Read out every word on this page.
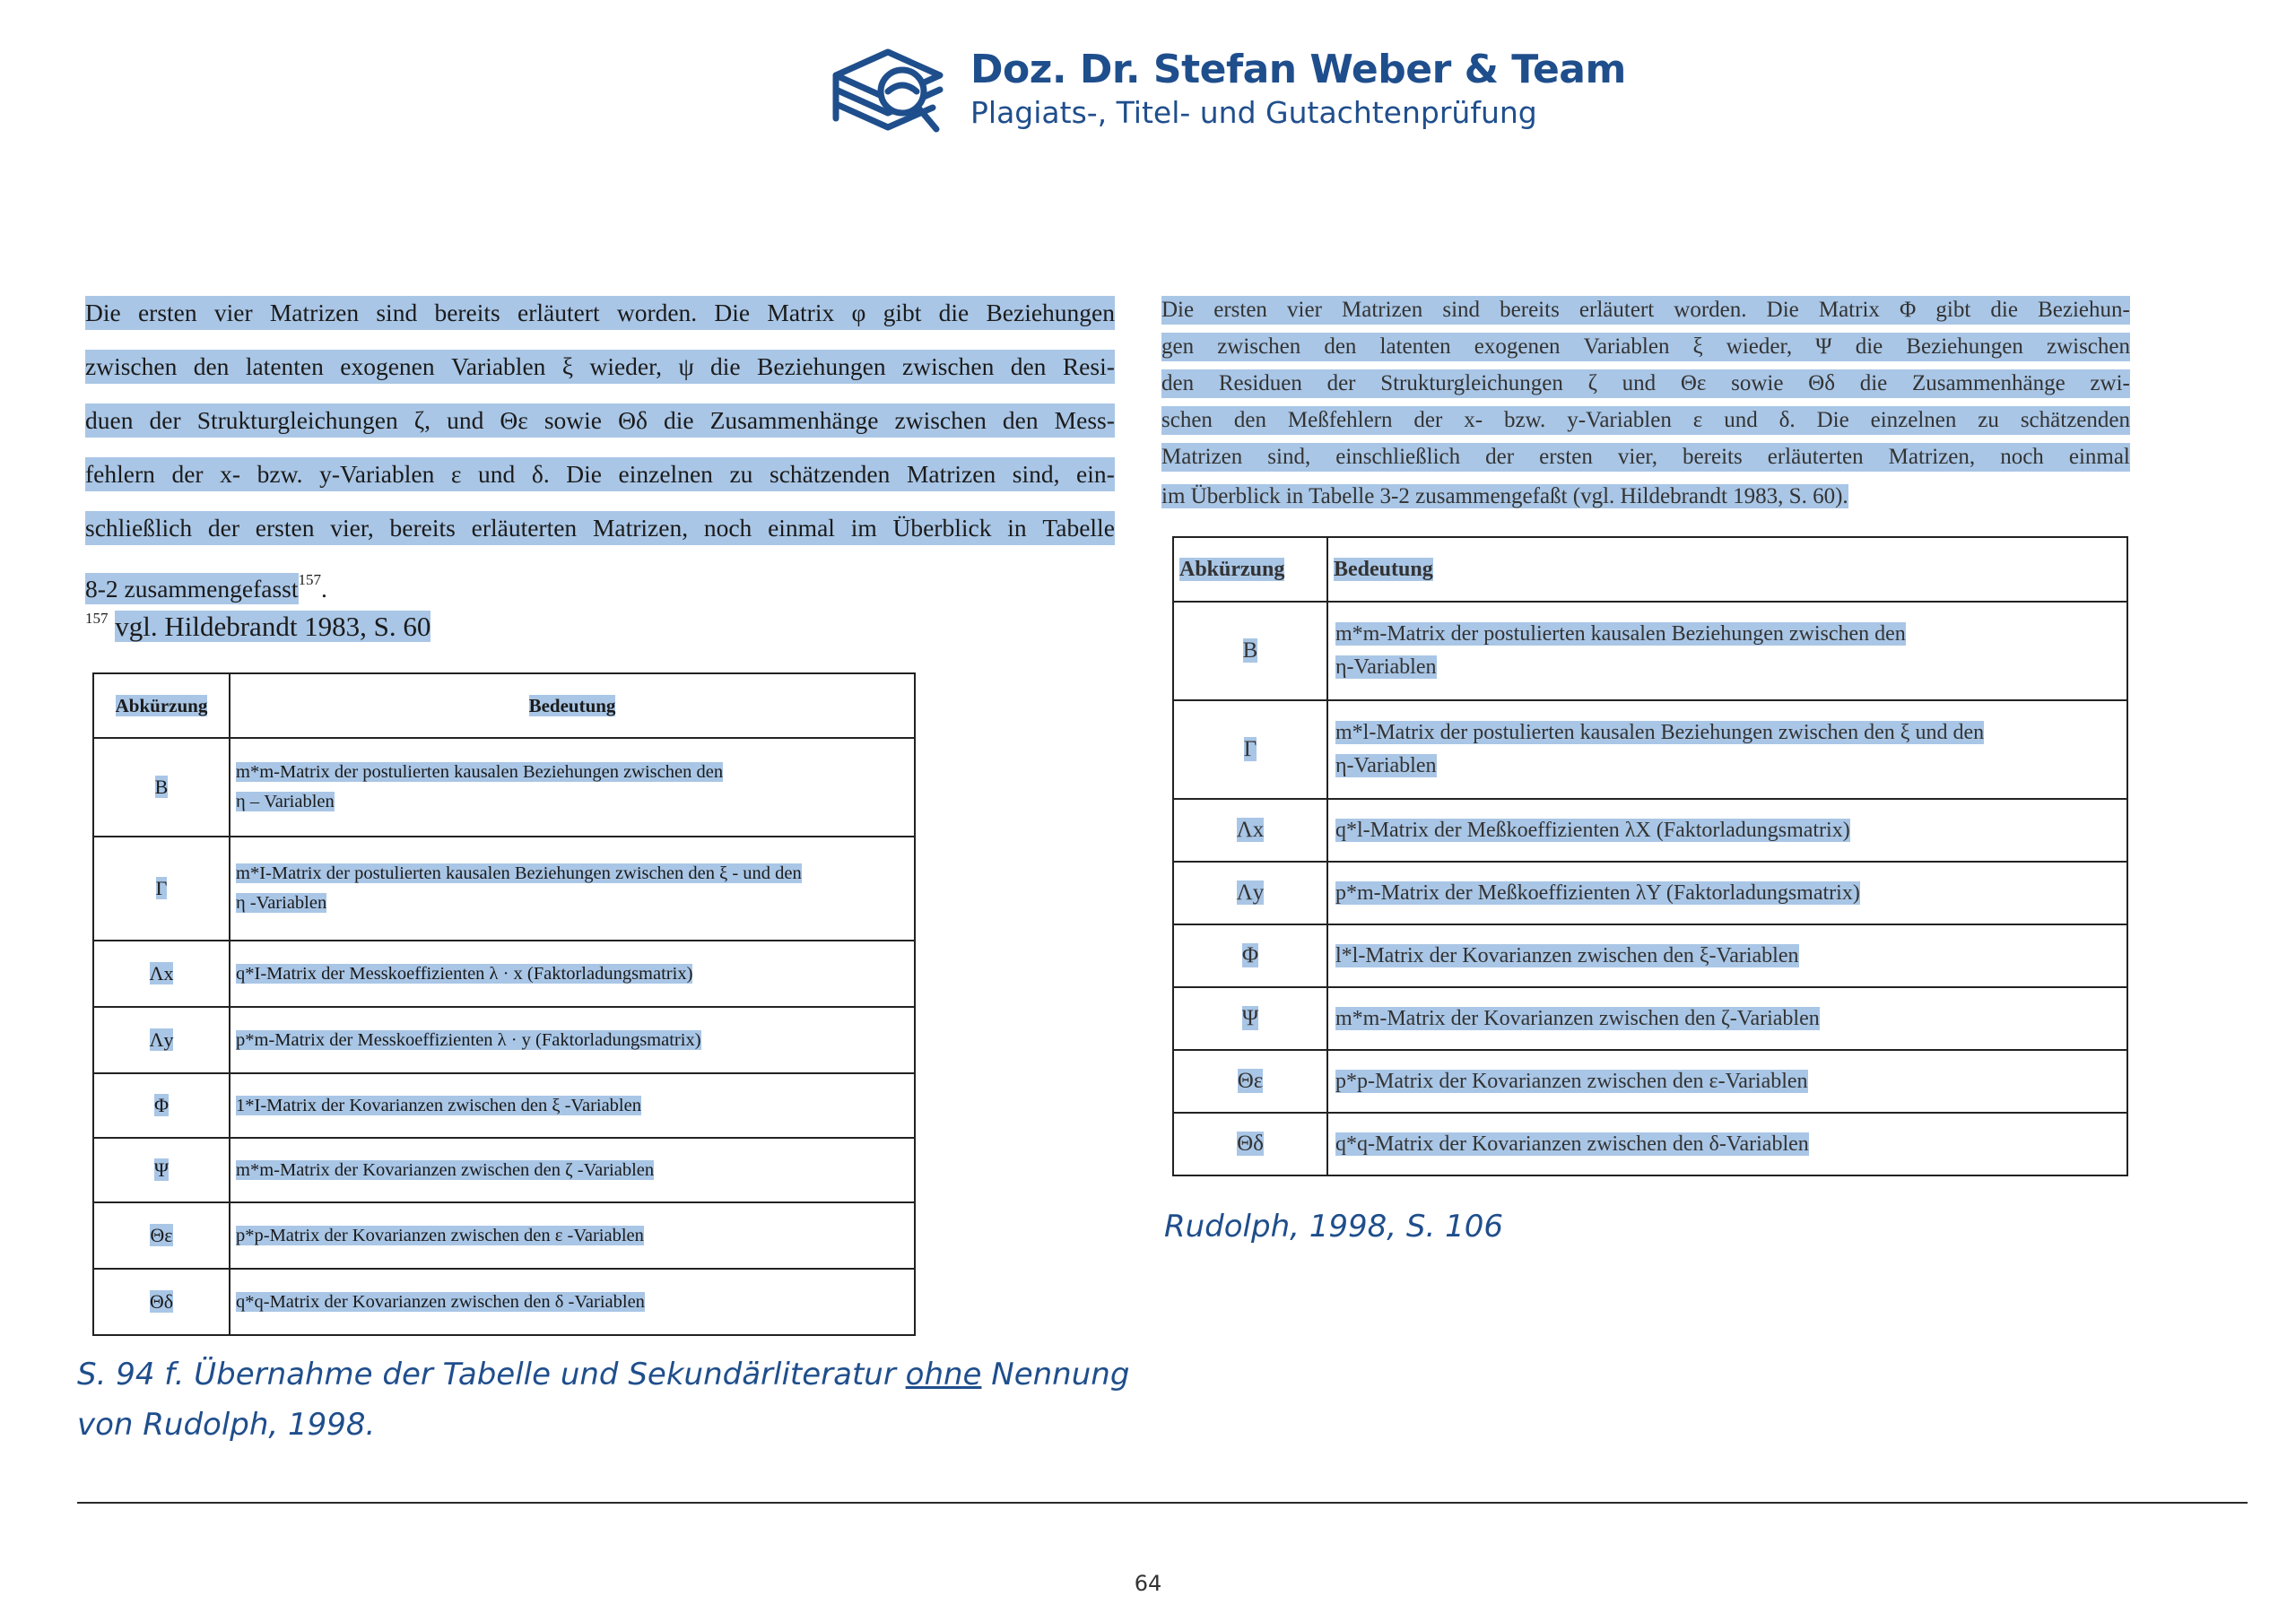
Doz. Dr. Stefan Weber & Team
Plagiats-, Titel- und Gutachtenprüfung
Die ersten vier Matrizen sind bereits erläutert worden. Die Matrix φ gibt die Beziehungen
zwischen den latenten exogenen Variablen ξ wieder, ψ die Beziehungen zwischen den Resi-
duen der Strukturgleichungen ζ, und Θε sowie Θδ die Zusammenhänge zwischen den Mess-
fehlern der x- bzw. y-Variablen ε und δ. Die einzelnen zu schätzenden Matrizen sind, ein-
schließlich der ersten vier, bereits erläuterten Matrizen, noch einmal im Überblick in Tabelle
8-2 zusammengefasst$^{157}$.
$^{157}$ vgl. Hildebrandt 1983, S. 60
Abkürzung	Bedeutung
B	m*m-Matrix der postulierten kausalen Beziehungen zwischen den
η – Variablen

Γ	m*I-Matrix der postulierten kausalen Beziehungen zwischen den ξ - und den
η -Variablen

Λx	q*I-Matrix der Messkoeffizienten λ · x (Faktorladungsmatrix)

Λy	p*m-Matrix der Messkoeffizienten λ · y (Faktorladungsmatrix)

Φ	1*I-Matrix der Kovarianzen zwischen den ξ -Variablen

Ψ	m*m-Matrix der Kovarianzen zwischen den ζ -Variablen

Θε	p*p-Matrix der Kovarianzen zwischen den ε -Variablen

Θδ	q*q-Matrix der Kovarianzen zwischen den δ -Variablen
Die ersten vier Matrizen sind bereits erläutert worden. Die Matrix Φ gibt die Beziehun-
gen zwischen den latenten exogenen Variablen ξ wieder, Ψ die Beziehungen zwischen
den Residuen der Strukturgleichungen ζ und Θε sowie Θδ die Zusammenhänge zwi-
schen den Meßfehlern der x- bzw. y-Variablen ε und δ. Die einzelnen zu schätzenden
Matrizen sind, einschließlich der ersten vier, bereits erläuterten Matrizen, noch einmal
im Überblick in Tabelle 3-2 zusammengefaßt (vgl. Hildebrandt 1983, S. 60).
Abkürzung	Bedeutung
B	m*m-Matrix der postulierten kausalen Beziehungen zwischen den
η-Variablen

Γ	m*l-Matrix der postulierten kausalen Beziehungen zwischen den ξ und den
η-Variablen

Λx	q*l-Matrix der Meßkoeffizienten λX (Faktorladungsmatrix)

Λy	p*m-Matrix der Meßkoeffizienten λY (Faktorladungsmatrix)

Φ	l*l-Matrix der Kovarianzen zwischen den ξ-Variablen

Ψ	m*m-Matrix der Kovarianzen zwischen den ζ-Variablen

Θε	p*p-Matrix der Kovarianzen zwischen den ε-Variablen

Θδ	q*q-Matrix der Kovarianzen zwischen den δ-Variablen
S. 94 f. Übernahme der Tabelle und Sekundärliteratur ohne Nennung von Rudolph, 1998.
Rudolph, 1998, S. 106
64
